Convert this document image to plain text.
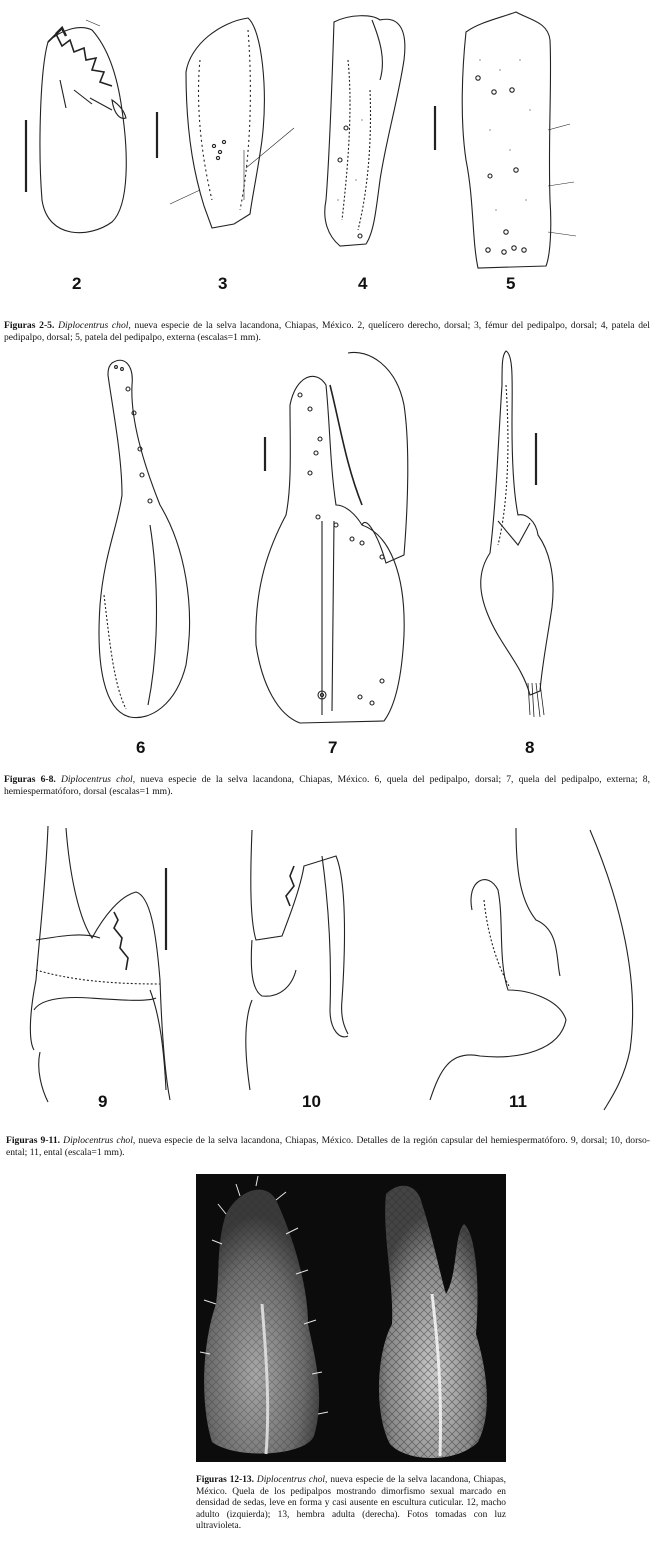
2	3	4	5
Figuras 2-5. Diplocentrus chol, nueva especie de la selva lacandona, Chiapas, México. 2, quelícero derecho, dorsal; 3, fémur del pedipalpo, dorsal; 4, patela del pedipalpo, dorsal; 5, patela del pedipalpo, externa (escalas=1 mm).
6	7	8
Figuras 6-8. Diplocentrus chol, nueva especie de la selva lacandona, Chiapas, México. 6, quela del pedipalpo, dorsal; 7, quela del pedipalpo, externa; 8, hemiespermatóforo, dorsal (escalas=1 mm).
9	10	11
Figuras 9-11. Diplocentrus chol, nueva especie de la selva lacandona, Chiapas, México. Detalles de la región capsular del hemiespermatóforo. 9, dorsal; 10, dorso-ental; 11, ental (escala=1 mm).
Figuras 12-13. Diplocentrus chol, nueva especie de la selva lacandona, Chiapas, México. Quela de los pedipalpos mostrando dimorfismo sexual marcado en densidad de sedas, leve en forma y casi ausente en escultura cuticular. 12, macho adulto (izquierda); 13, hembra adulta (derecha). Fotos tomadas con luz ultravioleta.
